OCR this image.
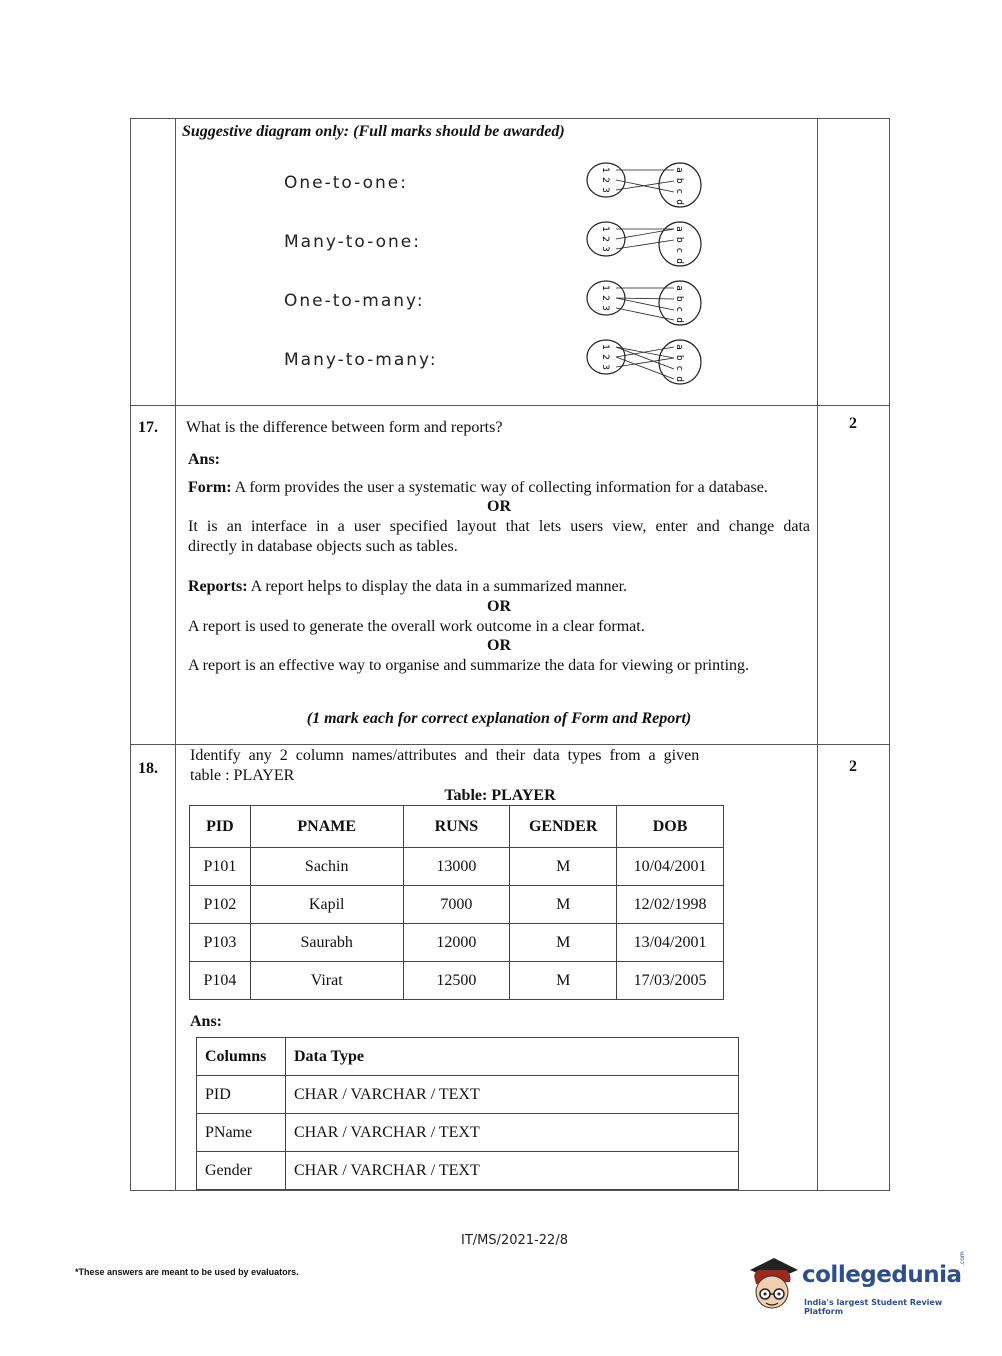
Suggestive diagram only: (Full marks should be awarded)
One-to-one:
Many-to-one:
One-to-many:
Many-to-many:
1
2
3
a
b
c
d
1
2
3
a
b
c
d
1
2
3
a
b
c
d
1
2
3
a
b
c
d
17.	2
What is the difference between form and reports?
Ans:
Form: A form provides the user a systematic way of collecting information for a database.
OR
It is an interface in a user specified layout that lets users view, enter and change data
directly in database objects such as tables.
Reports: A report helps to display the data in a summarized manner.
OR
A report is used to generate the overall work outcome in a clear format.
OR
A report is an effective way to organise and summarize the data for viewing or printing.
(1 mark each for correct explanation of Form and Report)
18.	2
Identify  any  2  column  names/attributes  and  their  data  types  from  a  given
table : PLAYER
Table: PLAYER
PID	PNAME	RUNS	GENDER	DOB
P101	Sachin	13000	M	10/04/2001
P102	Kapil	7000	M	12/02/1998
P103	Saurabh	12000	M	13/04/2001
P104	Virat	12500	M	17/03/2005
Ans:
Columns	Data Type
PID	CHAR / VARCHAR / TEXT
PName	CHAR / VARCHAR / TEXT
Gender	CHAR / VARCHAR / TEXT
IT/MS/2021-22/8
*These answers are meant to be used by evaluators.	collegedunia
.com
India's largest Student Review Platform
